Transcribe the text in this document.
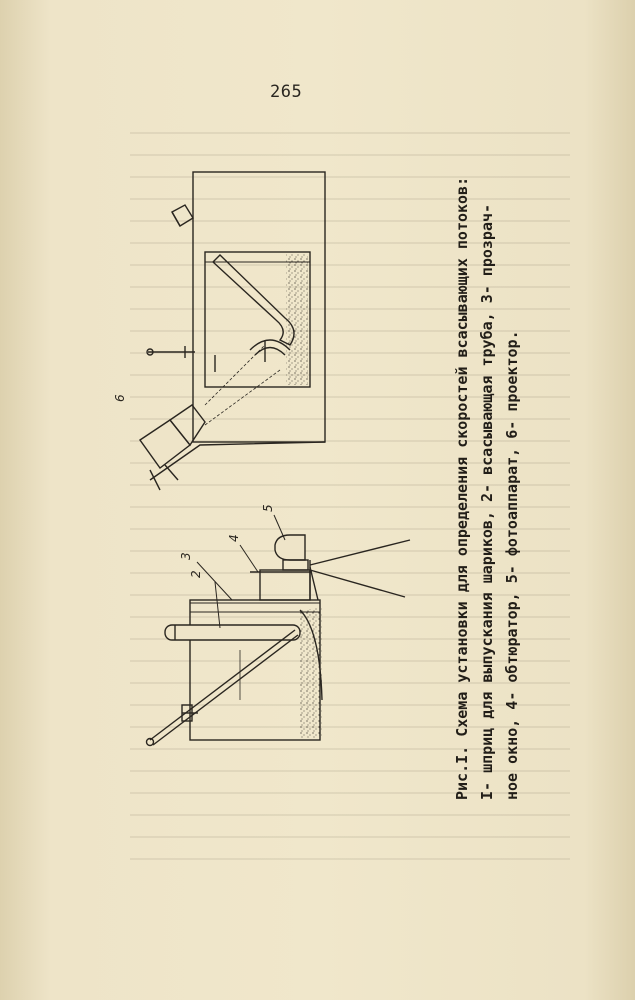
265
6
2
3
4
5	Рис.I. Схема установки для определения скоростей всасывающих потоков: I- шприц для выпускания шариков, 2- всасывающая труба, 3- прозрач- ное окно, 4- обтюратор, 5- фотоаппарат, 6- проектор.
